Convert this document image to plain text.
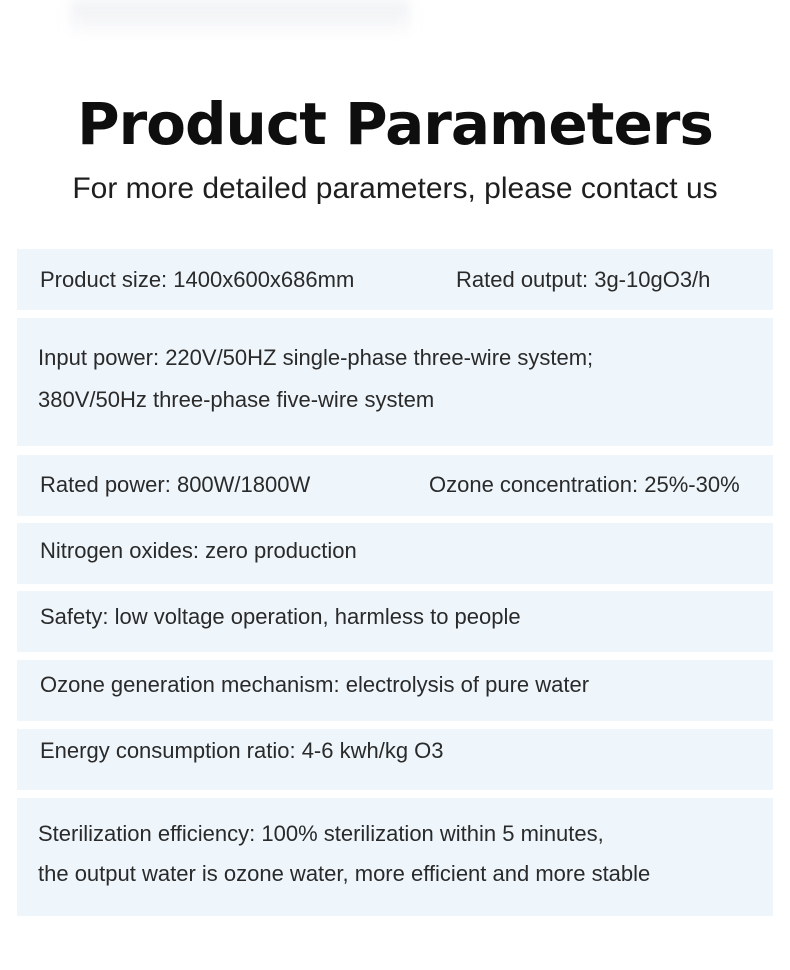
Product Parameters
For more detailed parameters, please contact us
Product size: 1400x600x686mm	Rated output: 3g-10gO3/h
Input power: 220V/50HZ single-phase three-wire system;
380V/50Hz three-phase five-wire system
Rated power: 800W/1800W	Ozone concentration: 25%-30%
Nitrogen oxides: zero production
Safety: low voltage operation, harmless to people
Ozone generation mechanism: electrolysis of pure water
Energy consumption ratio: 4-6 kwh/kg O3
Sterilization efficiency: 100% sterilization within 5 minutes,
the output water is ozone water, more efficient and more stable
